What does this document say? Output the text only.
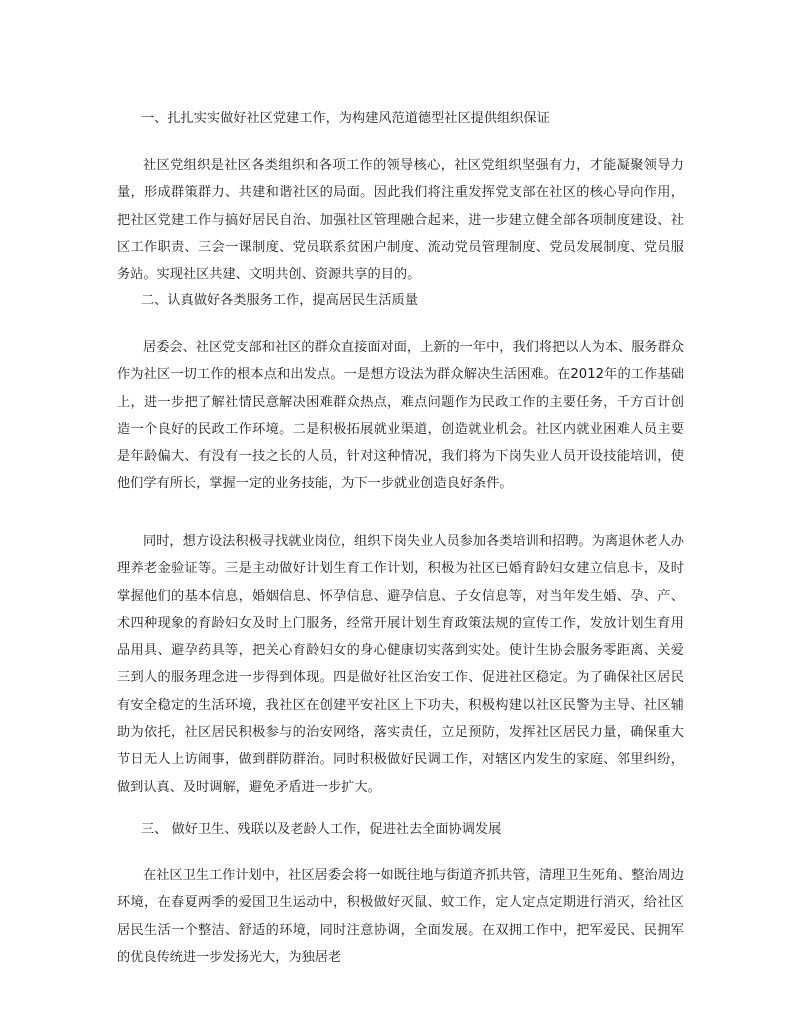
一、扎扎实实做好社区党建工作，为构建风范道德型社区提供组织保证

社区党组织是社区各类组织和各项工作的领导核心，社区党组织坚强有力，才能凝聚领导力量，形成群策群力、共建和谐社区的局面。因此我们将注重发挥党支部在社区的核心导向作用，把社区党建工作与搞好居民自治、加强社区管理融合起来，进一步建立健全部各项制度建设、社区工作职责、三会一课制度、党员联系贫困户制度、流动党员管理制度、党员发展制度、党员服务站。实现社区共建、文明共创、资源共享的目的。

二、认真做好各类服务工作，提高居民生活质量

居委会、社区党支部和社区的群众直接面对面，上新的一年中，我们将把以人为本、服务群众作为社区一切工作的根本点和出发点。一是想方设法为群众解决生活困难。在2012年的工作基础上，进一步把了解社情民意解决困难群众热点，难点问题作为民政工作的主要任务，千方百计创造一个良好的民政工作环境。二是积极拓展就业渠道，创造就业机会。社区内就业困难人员主要是年龄偏大、有没有一技之长的人员，针对这种情况，我们将为下岗失业人员开设技能培训，使他们学有所长，掌握一定的业务技能，为下一步就业创造良好条件。

同时，想方设法积极寻找就业岗位，组织下岗失业人员参加各类培训和招聘。为离退休老人办理养老金验证等。三是主动做好计划生育工作计划，积极为社区已婚育龄妇女建立信息卡，及时掌握他们的基本信息，婚姻信息、怀孕信息、避孕信息、子女信息等，对当年发生婚、孕、产、术四种现象的育龄妇女及时上门服务，经常开展计划生育政策法规的宣传工作，发放计划生育用品用具、避孕药具等，把关心育龄妇女的身心健康切实落到实处。使计生协会服务零距离、关爱三到人的服务理念进一步得到体现。四是做好社区治安工作、促进社区稳定。为了确保社区居民有安全稳定的生活环境，我社区在创建平安社区上下功夫，积极构建以社区民警为主导、社区辅助为依托，社区居民积极参与的治安网络，落实责任，立足预防，发挥社区居民力量，确保重大节日无人上访闹事，做到群防群治。同时积极做好民调工作，对辖区内发生的家庭、邻里纠纷，做到认真、及时调解，避免矛盾进一步扩大。

三、 做好卫生、残联以及老龄人工作，促进社去全面协调发展

在社区卫生工作计划中，社区居委会将一如既往地与街道齐抓共管，清理卫生死角、整治周边环境，在春夏两季的爱国卫生运动中，积极做好灭鼠、蚊工作，定人定点定期进行消灭，给社区居民生活一个整洁、舒适的环境，同时注意协调，全面发展。在双拥工作中，把军爱民、民拥军的优良传统进一步发扬光大，为独居老
